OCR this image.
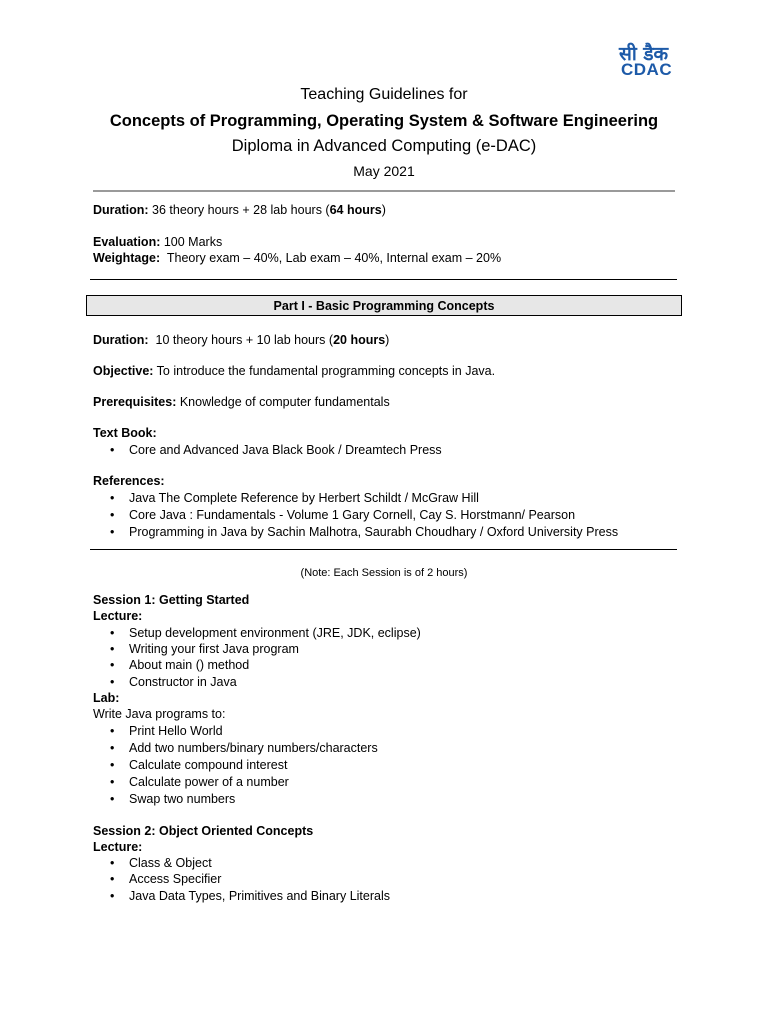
सी डैक
CDAC
Teaching Guidelines for
Concepts of Programming, Operating System & Software Engineering
Diploma in Advanced Computing (e-DAC)
May 2021
Duration: 36 theory hours + 28 lab hours (64 hours)
Evaluation: 100 Marks
Weightage:  Theory exam – 40%, Lab exam – 40%, Internal exam – 20%
Part I - Basic Programming Concepts
Duration:  10 theory hours + 10 lab hours (20 hours)
Objective: To introduce the fundamental programming concepts in Java.
Prerequisites: Knowledge of computer fundamentals
Text Book:
• Core and Advanced Java Black Book / Dreamtech Press
References:
• Java The Complete Reference by Herbert Schildt / McGraw Hill
• Core Java : Fundamentals - Volume 1 Gary Cornell, Cay S. Horstmann/ Pearson
• Programming in Java by Sachin Malhotra, Saurabh Choudhary / Oxford University Press
(Note: Each Session is of 2 hours)
Session 1: Getting Started
Lecture:
• Setup development environment (JRE, JDK, eclipse)
• Writing your first Java program
• About main () method
• Constructor in Java
Lab:
Write Java programs to:
• Print Hello World
• Add two numbers/binary numbers/characters
• Calculate compound interest
• Calculate power of a number
• Swap two numbers
Session 2: Object Oriented Concepts
Lecture:
• Class & Object
• Access Specifier
• Java Data Types, Primitives and Binary Literals
